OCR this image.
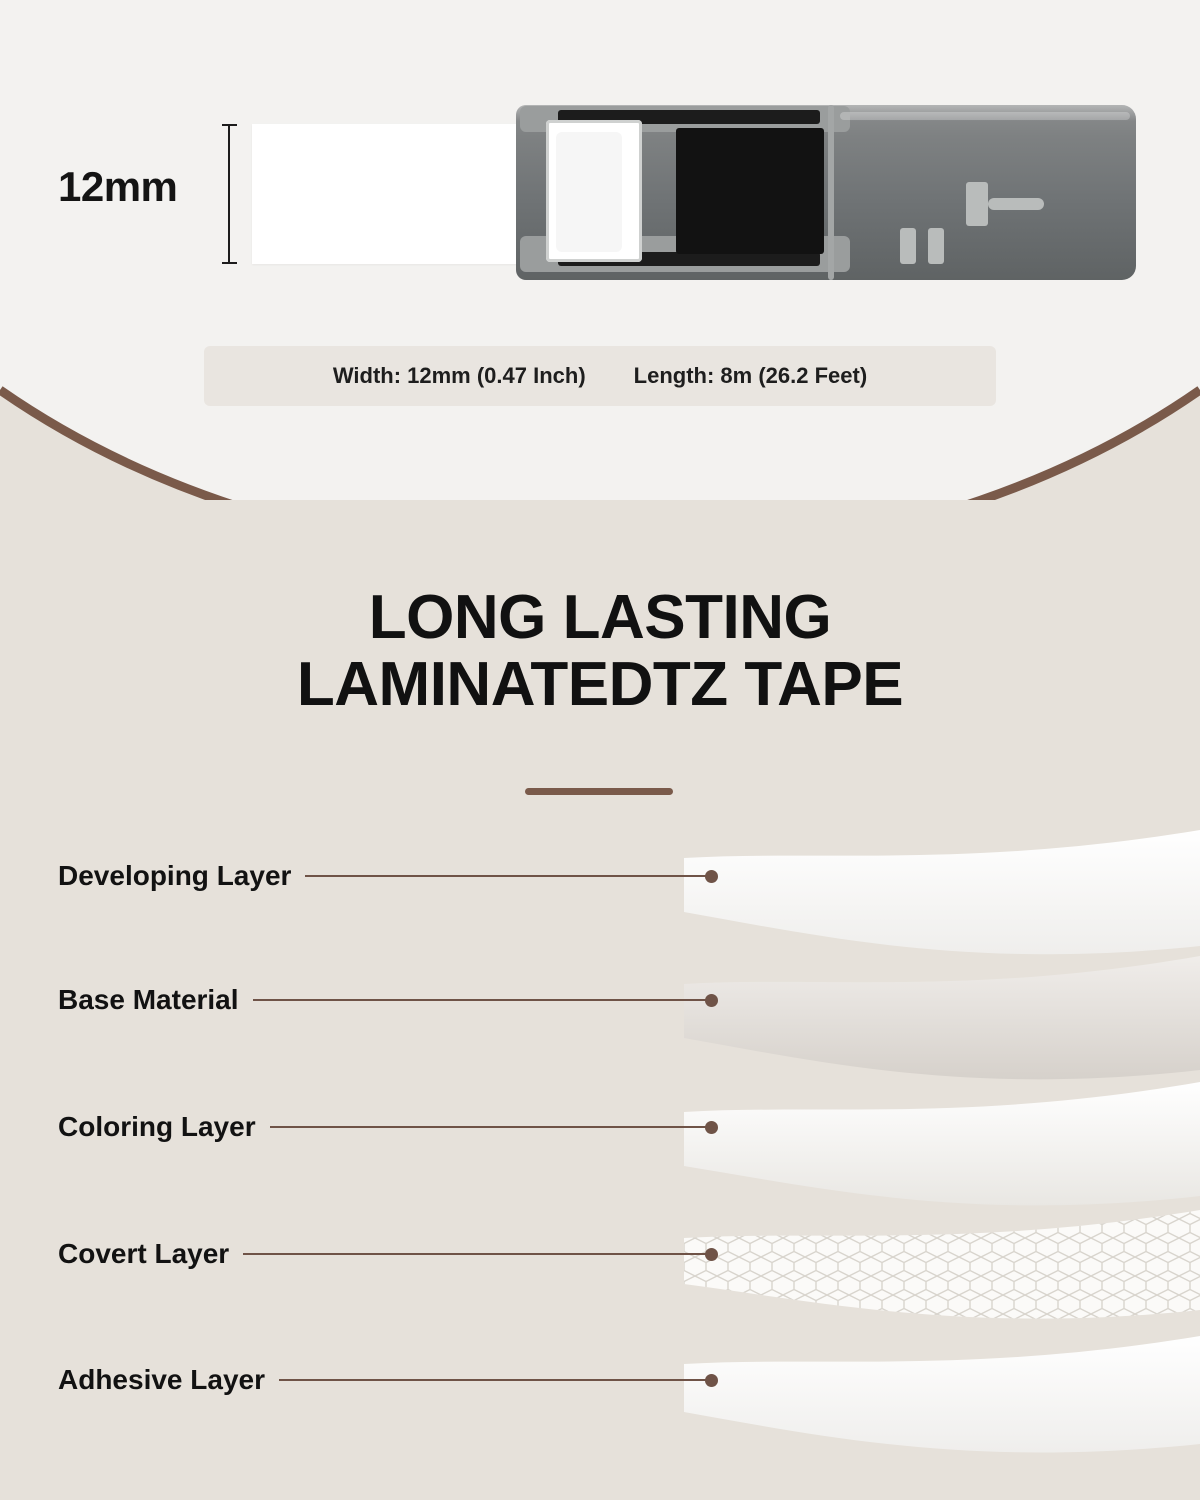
12mm
Width: 12mm (0.47 Inch) Length: 8m (26.2 Feet)
LONG LASTING
LAMINATEDTZ TAPE
Developing Layer
Base Material
Coloring Layer
Covert Layer
Adhesive Layer
